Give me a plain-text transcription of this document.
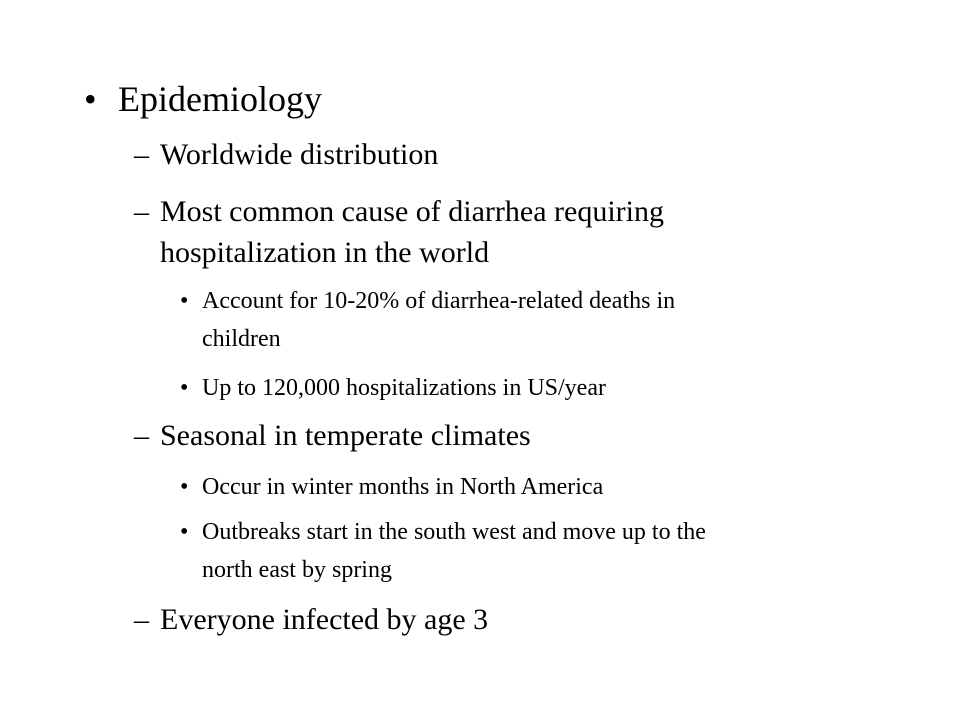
• Epidemiology
– Worldwide distribution
– Most common cause of diarrhea requiring
hospitalization in the world
• Account for 10-20% of diarrhea-related deaths in
children
• Up to 120,000 hospitalizations in US/year
– Seasonal in temperate climates
• Occur in winter months in North America
• Outbreaks start in the south west and move up to the
north east by spring
– Everyone infected by age 3
